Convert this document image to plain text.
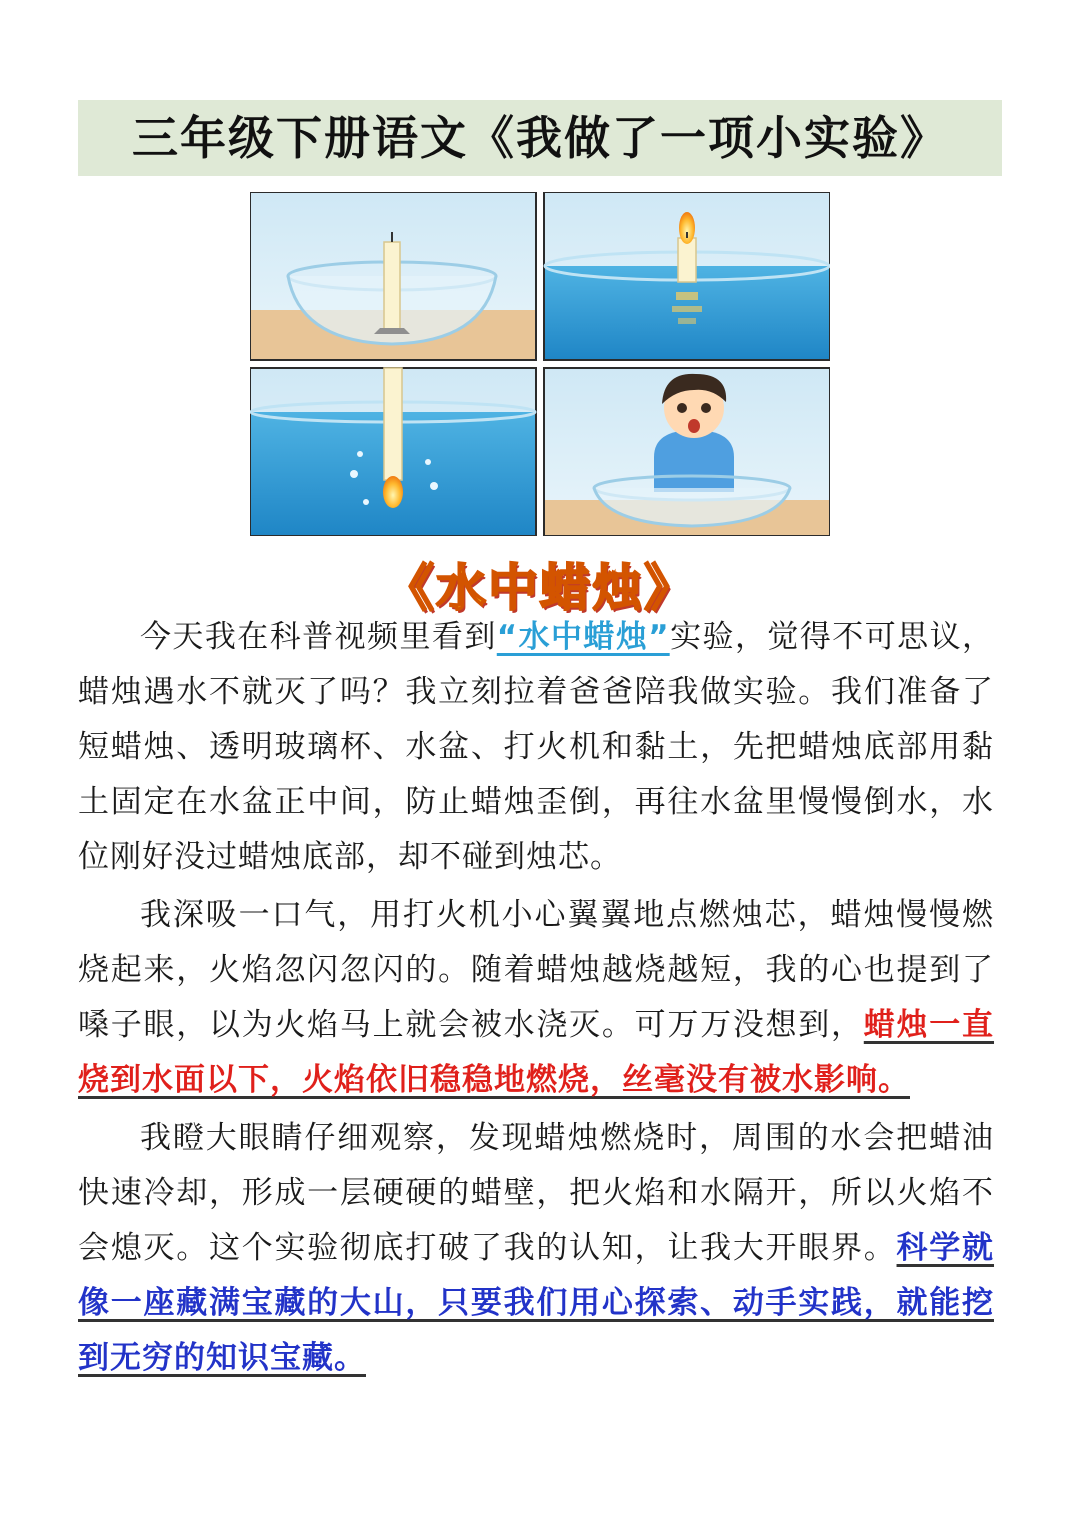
三年级下册语文《我做了一项小实验》
《水中蜡烛》

今天我在科普视频里看到“水中蜡烛”实验，觉得不可思议，蜡烛遇水不就灭了吗？我立刻拉着爸爸陪我做实验。我们准备了短蜡烛、透明玻璃杯、水盆、打火机和黏土，先把蜡烛底部用黏土固定在水盆正中间，防止蜡烛歪倒，再往水盆里慢慢倒水，水位刚好没过蜡烛底部，却不碰到烛芯。

我深吸一口气，用打火机小心翼翼地点燃烛芯，蜡烛慢慢燃烧起来，火焰忽闪忽闪的。随着蜡烛越烧越短，我的心也提到了嗓子眼，以为火焰马上就会被水浇灭。可万万没想到，蜡烛一直烧到水面以下，火焰依旧稳稳地燃烧，丝毫没有被水影响。

我瞪大眼睛仔细观察，发现蜡烛燃烧时，周围的水会把蜡油快速冷却，形成一层硬硬的蜡壁，把火焰和水隔开，所以火焰不会熄灭。这个实验彻底打破了我的认知，让我大开眼界。科学就像一座藏满宝藏的大山，只要我们用心探索、动手实践，就能挖到无穷的知识宝藏。
